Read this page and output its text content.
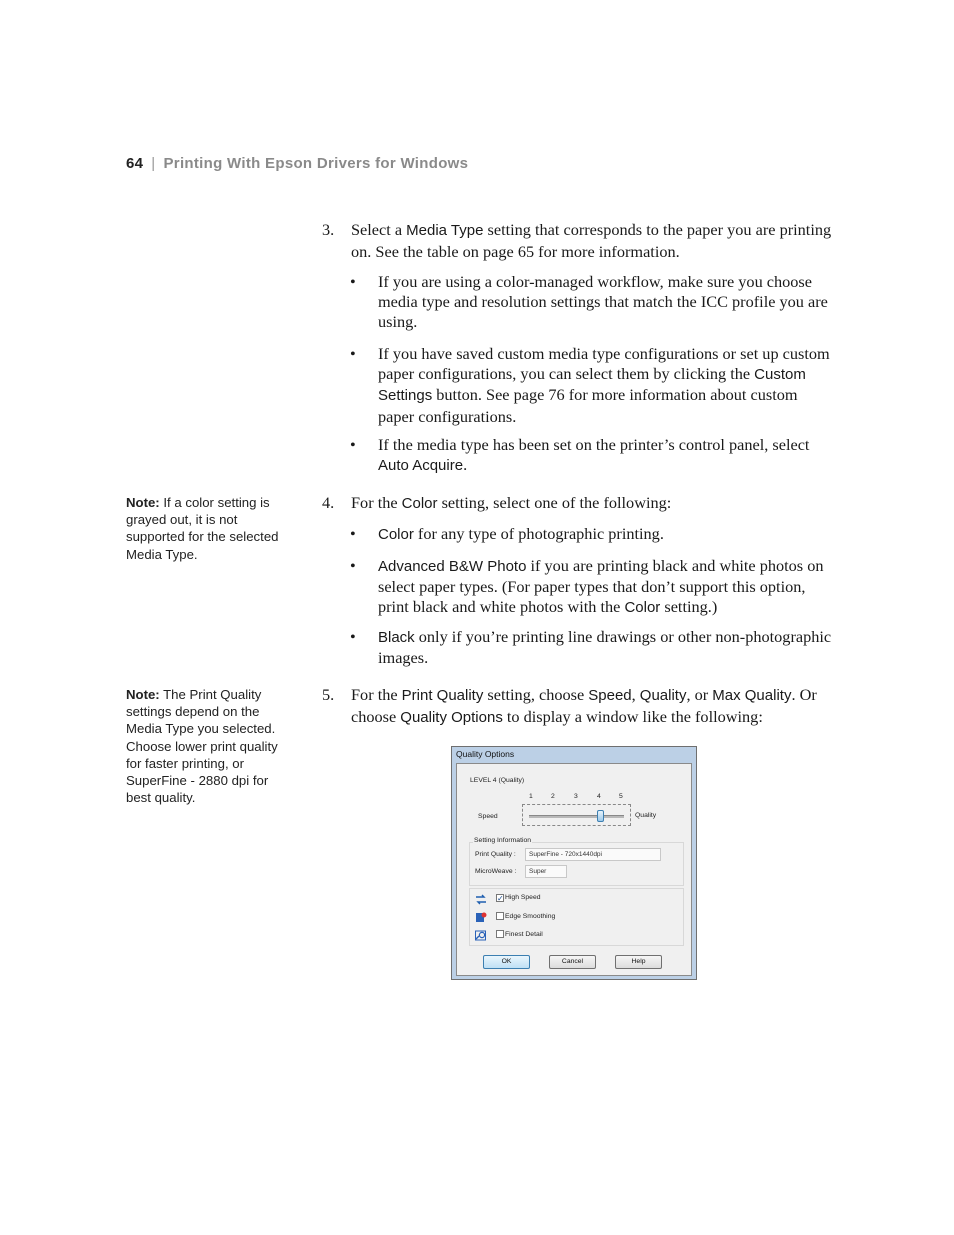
64 | Printing With Epson Drivers for Windows
3. Select a Media Type setting that corresponds to the paper you are printing on. See the table on page 65 for more information.
• If you are using a color-managed workflow, make sure you choose media type and resolution settings that match the ICC profile you are using.
• If you have saved custom media type configurations or set up custom paper configurations, you can select them by clicking the Custom Settings button. See page 76 for more information about custom paper configurations.
• If the media type has been set on the printer’s control panel, select Auto Acquire.
4. For the Color setting, select one of the following:
• Color for any type of photographic printing.
• Advanced B&W Photo if you are printing black and white photos on select paper types. (For paper types that don’t support this option, print black and white photos with the Color setting.)
• Black only if you’re printing line drawings or other non-photographic images.
5. For the Print Quality setting, choose Speed, Quality, or Max Quality. Or choose Quality Options to display a window like the following:
Note: If a color setting is grayed out, it is not supported for the selected Media Type.
Note: The Print Quality settings depend on the Media Type you selected. Choose lower print quality for faster printing, or SuperFine - 2880 dpi for best quality.
Quality Options
LEVEL 4 (Quality)
1	2	3	4	5
Speed	Quality
Setting Information
Print Quality :	SuperFine - 720x1440dpi
MicroWeave :	Super
✓ High Speed
Edge Smoothing
Finest Detail
OK	Cancel	Help
